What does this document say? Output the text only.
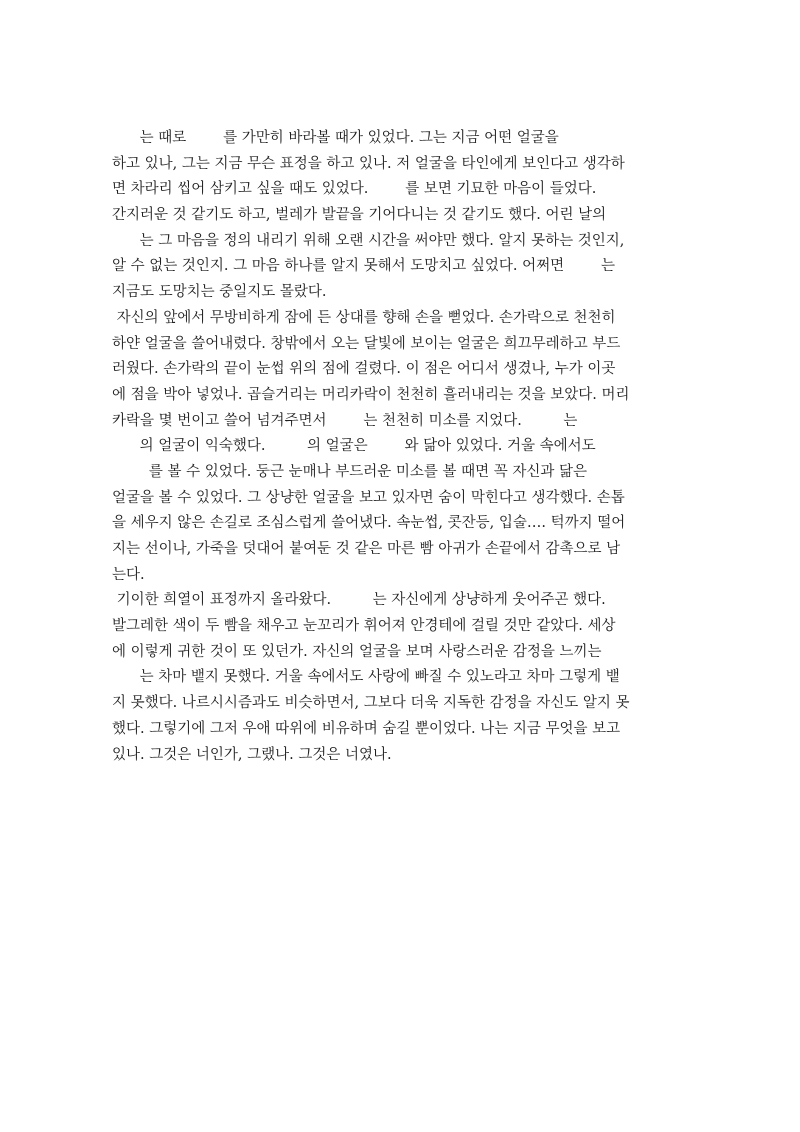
는 때로        를 가만히 바라볼 때가 있었다. 그는 지금 어떤 얼굴을
하고 있나, 그는 지금 무슨 표정을 하고 있나. 저 얼굴을 타인에게 보인다고 생각하
면 차라리 씹어 삼키고 싶을 때도 있었다.        를 보면 기묘한 마음이 들었다.
간지러운 것 같기도 하고, 벌레가 발끝을 기어다니는 것 같기도 했다. 어린 날의
는 그 마음을 정의 내리기 위해 오랜 시간을 써야만 했다. 알지 못하는 것인지,
알 수 없는 것인지. 그 마음 하나를 알지 못해서 도망치고 싶었다. 어쩌면        는
지금도 도망치는 중일지도 몰랐다.
자신의 앞에서 무방비하게 잠에 든 상대를 향해 손을 뻗었다. 손가락으로 천천히
하얀 얼굴을 쓸어내렸다. 창밖에서 오는 달빛에 보이는 얼굴은 희끄무레하고 부드
러웠다. 손가락의 끝이 눈썹 위의 점에 걸렸다. 이 점은 어디서 생겼나, 누가 이곳
에 점을 박아 넣었나. 곱슬거리는 머리카락이 천천히 흘러내리는 것을 보았다. 머리
카락을 몇 번이고 쓸어 넘겨주면서        는 천천히 미소를 지었다.         는
의 얼굴이 익숙했다.         의 얼굴은        와 닮아 있었다. 거울 속에서도
를 볼 수 있었다. 둥근 눈매나 부드러운 미소를 볼 때면 꼭 자신과 닮은
얼굴을 볼 수 있었다. 그 상냥한 얼굴을 보고 있자면 숨이 막힌다고 생각했다. 손톱
을 세우지 않은 손길로 조심스럽게 쓸어냈다. 속눈썹, 콧잔등, 입술…. 턱까지 떨어
지는 선이나, 가죽을 덧대어 붙여둔 것 같은 마른 빰 아귀가 손끝에서 감촉으로 남
는다.
기이한 희열이 표정까지 올라왔다.         는 자신에게 상냥하게 웃어주곤 했다.
발그레한 색이 두 빰을 채우고 눈꼬리가 휘어져 안경테에 걸릴 것만 같았다. 세상
에 이렇게 귀한 것이 또 있던가. 자신의 얼굴을 보며 사랑스러운 감정을 느끼는
는 차마 뱉지 못했다. 거울 속에서도 사랑에 빠질 수 있노라고 차마 그렇게 뱉
지 못했다. 나르시시즘과도 비슷하면서, 그보다 더욱 지독한 감정을 자신도 알지 못
했다. 그렇기에 그저 우애 따위에 비유하며 숨길 뿐이었다. 나는 지금 무엇을 보고
있나. 그것은 너인가, 그랬나. 그것은 너였나.
